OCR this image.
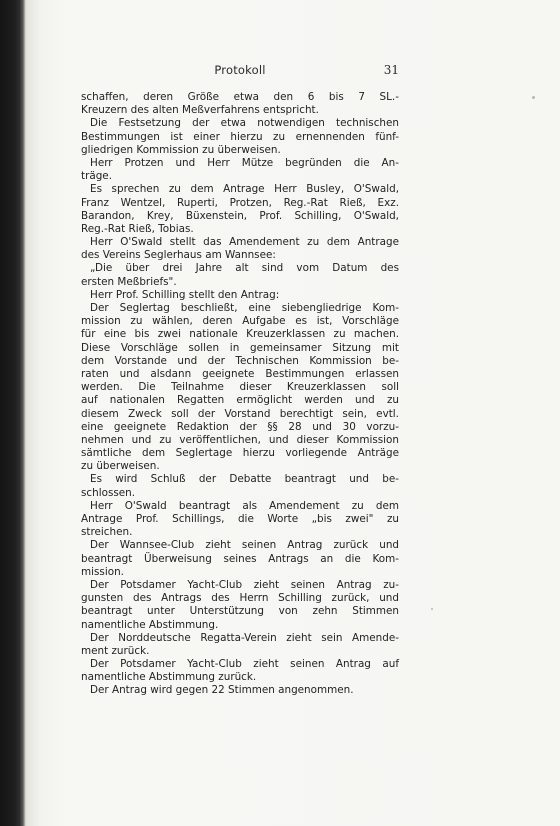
Protokoll	31
schaffen, deren Größe etwa den 6 bis 7 SL.-
Kreuzern des alten Meßverfahrens entspricht.
Die Festsetzung der etwa notwendigen technischen
Bestimmungen ist einer hierzu zu ernennenden fünf-
gliedrigen Kommission zu überweisen.
Herr Protzen und Herr Mütze begründen die An-
träge.
Es sprechen zu dem Antrage Herr Busley, O'Swald,
Franz Wentzel, Ruperti, Protzen, Reg.-Rat Rieß, Exz.
Barandon, Krey, Büxenstein, Prof. Schilling, O'Swald,
Reg.-Rat Rieß, Tobias.
Herr O'Swald stellt das Amendement zu dem Antrage
des Vereins Seglerhaus am Wannsee:
„Die über drei Jahre alt sind vom Datum des
ersten Meßbriefs".
Herr Prof. Schilling stellt den Antrag:
Der Seglertag beschließt, eine siebengliedrige Kom-
mission zu wählen, deren Aufgabe es ist, Vorschläge
für eine bis zwei nationale Kreuzerklassen zu machen.
Diese Vorschläge sollen in gemeinsamer Sitzung mit
dem Vorstande und der Technischen Kommission be-
raten und alsdann geeignete Bestimmungen erlassen
werden. Die Teilnahme dieser Kreuzerklassen soll
auf nationalen Regatten ermöglicht werden und zu
diesem Zweck soll der Vorstand berechtigt sein, evtl.
eine geeignete Redaktion der §§ 28 und 30 vorzu-
nehmen und zu veröffentlichen, und dieser Kommission
sämtliche dem Seglertage hierzu vorliegende Anträge
zu überweisen.
Es wird Schluß der Debatte beantragt und be-
schlossen.
Herr O'Swald beantragt als Amendement zu dem
Antrage Prof. Schillings, die Worte „bis zwei" zu
streichen.
Der Wannsee-Club zieht seinen Antrag zurück und
beantragt Überweisung seines Antrags an die Kom-
mission.
Der Potsdamer Yacht-Club zieht seinen Antrag zu-
gunsten des Antrags des Herrn Schilling zurück, und
beantragt unter Unterstützung von zehn Stimmen
namentliche Abstimmung.
Der Norddeutsche Regatta-Verein zieht sein Amende-
ment zurück.
Der Potsdamer Yacht-Club zieht seinen Antrag auf
namentliche Abstimmung zurück.
Der Antrag wird gegen 22 Stimmen angenommen.
